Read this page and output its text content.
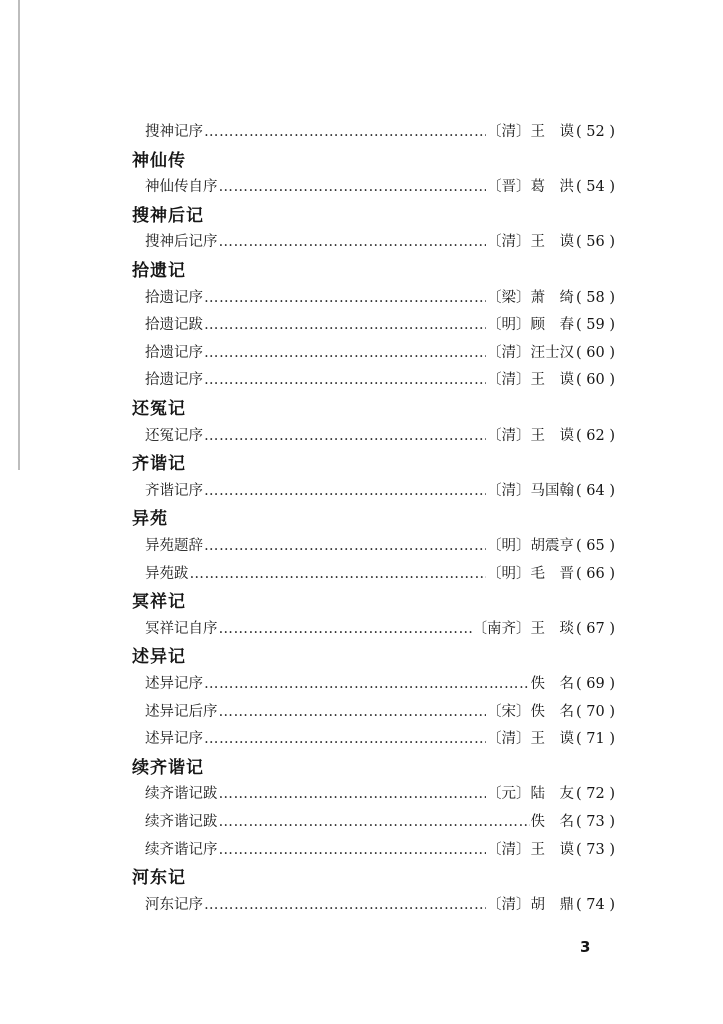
搜神记序 ……………………………………………………………………………………………………………………	〔清〕王　谟 ( 52 )
神仙传
神仙传自序 ……………………………………………………………………………………………………………………	〔晋〕葛　洪 ( 54 )
搜神后记
搜神后记序 ……………………………………………………………………………………………………………………	〔清〕王　谟 ( 56 )
拾遗记
拾遗记序 ……………………………………………………………………………………………………………………	〔梁〕萧　绮 ( 58 )
拾遗记跋 ……………………………………………………………………………………………………………………	〔明〕顾　春 ( 59 )
拾遗记序 ……………………………………………………………………………………………………………………	〔清〕汪士汉 ( 60 )
拾遗记序 ……………………………………………………………………………………………………………………	〔清〕王　谟 ( 60 )
还冤记
还冤记序 ……………………………………………………………………………………………………………………	〔清〕王　谟 ( 62 )
齐谐记
齐谐记序 ……………………………………………………………………………………………………………………	〔清〕马国翰 ( 64 )
异苑
异苑题辞 ……………………………………………………………………………………………………………………	〔明〕胡震亨 ( 65 )
异苑跋 ……………………………………………………………………………………………………………………	〔明〕毛　晋 ( 66 )
冥祥记
冥祥记自序 ……………………………………………………………………………………………………………………	〔南齐〕王　琰 ( 67 )
述异记
述异记序 ……………………………………………………………………………………………………………………	佚　名 ( 69 )
述异记后序 ……………………………………………………………………………………………………………………	〔宋〕佚　名 ( 70 )
述异记序 ……………………………………………………………………………………………………………………	〔清〕王　谟 ( 71 )
续齐谐记
续齐谐记跋 ……………………………………………………………………………………………………………………	〔元〕陆　友 ( 72 )
续齐谐记跋 ……………………………………………………………………………………………………………………	佚　名 ( 73 )
续齐谐记序 ……………………………………………………………………………………………………………………	〔清〕王　谟 ( 73 )
河东记
河东记序 ……………………………………………………………………………………………………………………	〔清〕胡　鼎 ( 74 )
3
